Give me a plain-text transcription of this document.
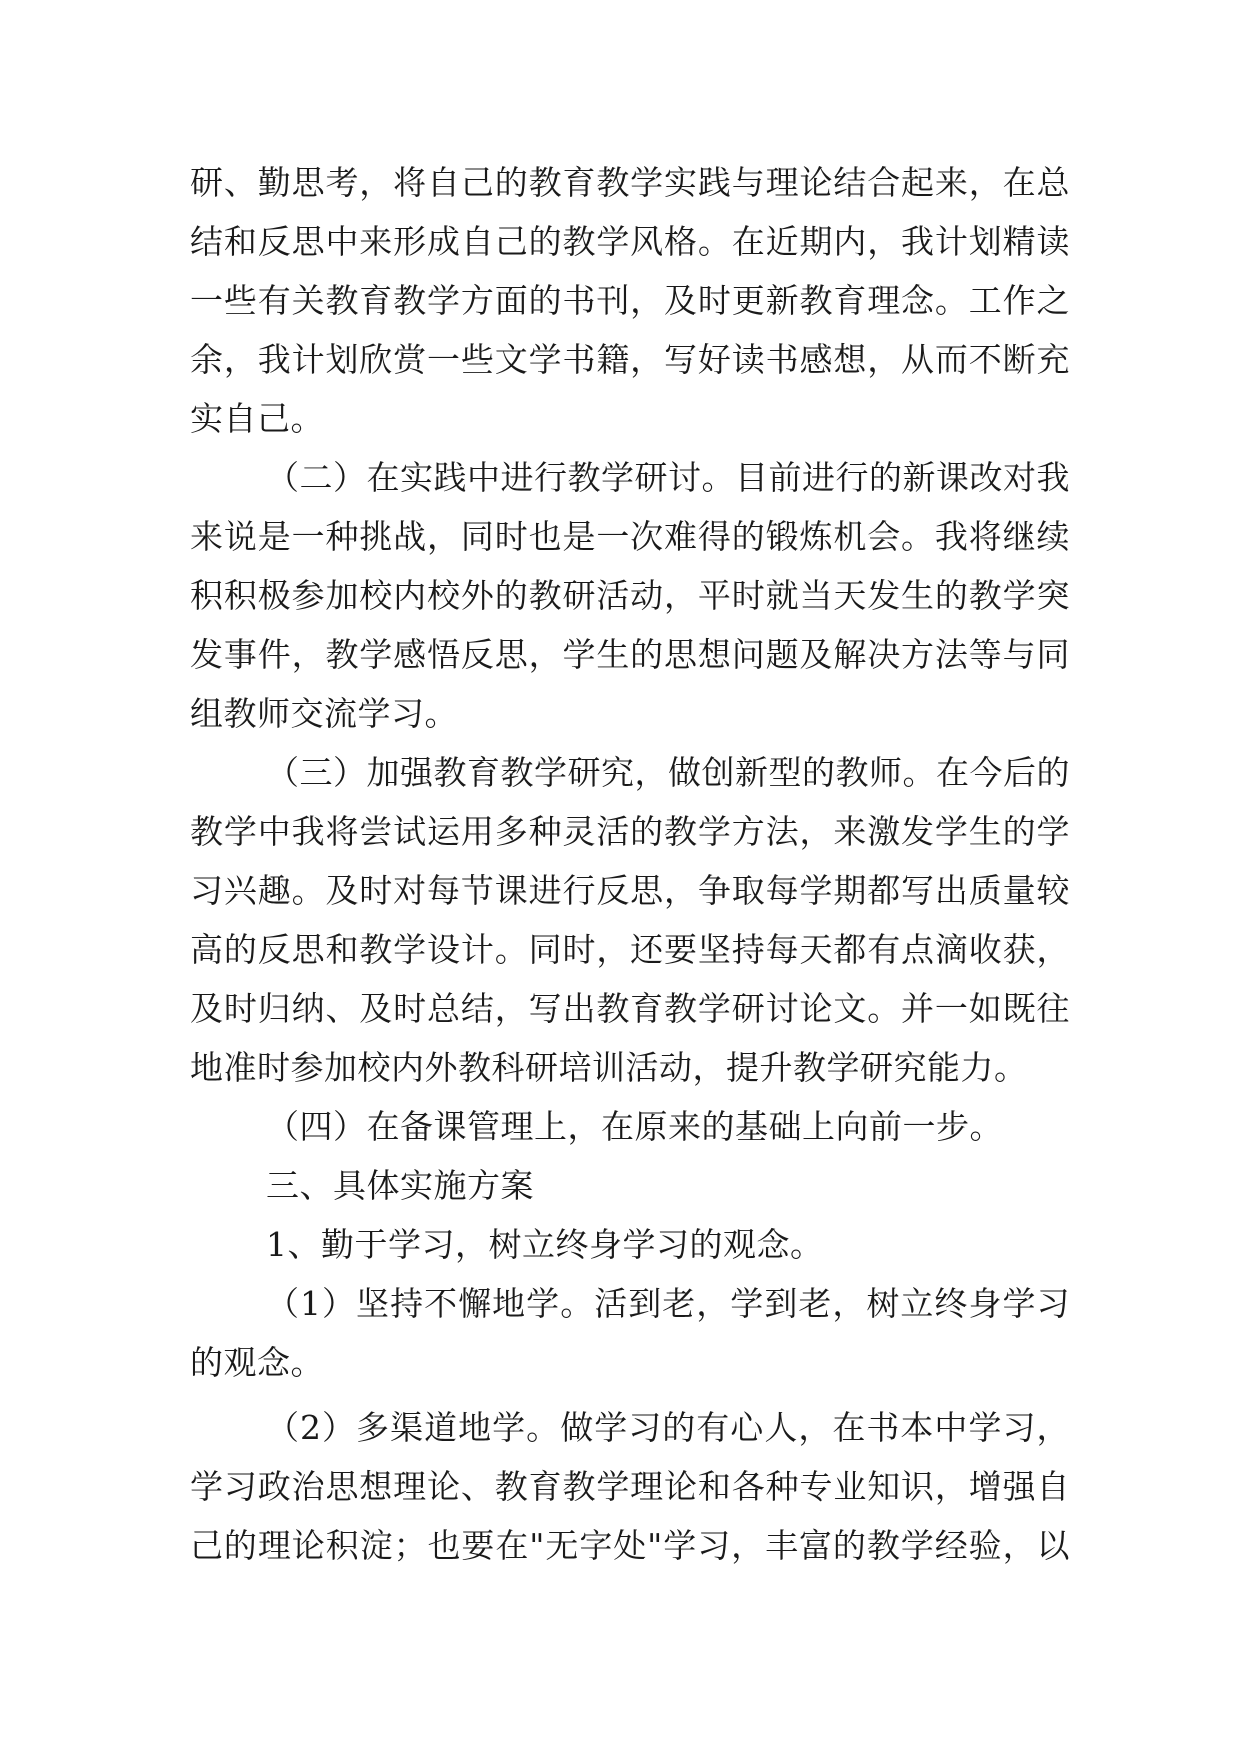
研、勤思考，将自己的教育教学实践与理论结合起来，在总
结和反思中来形成自己的教学风格。在近期内，我计划精读
一些有关教育教学方面的书刊，及时更新教育理念。工作之
余，我计划欣赏一些文学书籍，写好读书感想，从而不断充
实自己。
（二）在实践中进行教学研讨。目前进行的新课改对我
来说是一种挑战，同时也是一次难得的锻炼机会。我将继续
积积极参加校内校外的教研活动，平时就当天发生的教学突
发事件，教学感悟反思，学生的思想问题及解决方法等与同
组教师交流学习。
（三）加强教育教学研究，做创新型的教师。在今后的
教学中我将尝试运用多种灵活的教学方法，来激发学生的学
习兴趣。及时对每节课进行反思，争取每学期都写出质量较
高的反思和教学设计。同时，还要坚持每天都有点滴收获，
及时归纳、及时总结，写出教育教学研讨论文。并一如既往
地准时参加校内外教科研培训活动，提升教学研究能力。
（四）在备课管理上，在原来的基础上向前一步。
三、具体实施方案
1、勤于学习，树立终身学习的观念。
（1）坚持不懈地学。活到老，学到老，树立终身学习
的观念。
（2）多渠道地学。做学习的有心人，在书本中学习，
学习政治思想理论、教育教学理论和各种专业知识，增强自
己的理论积淀；也要在"无字处"学习，丰富的教学经验，以
